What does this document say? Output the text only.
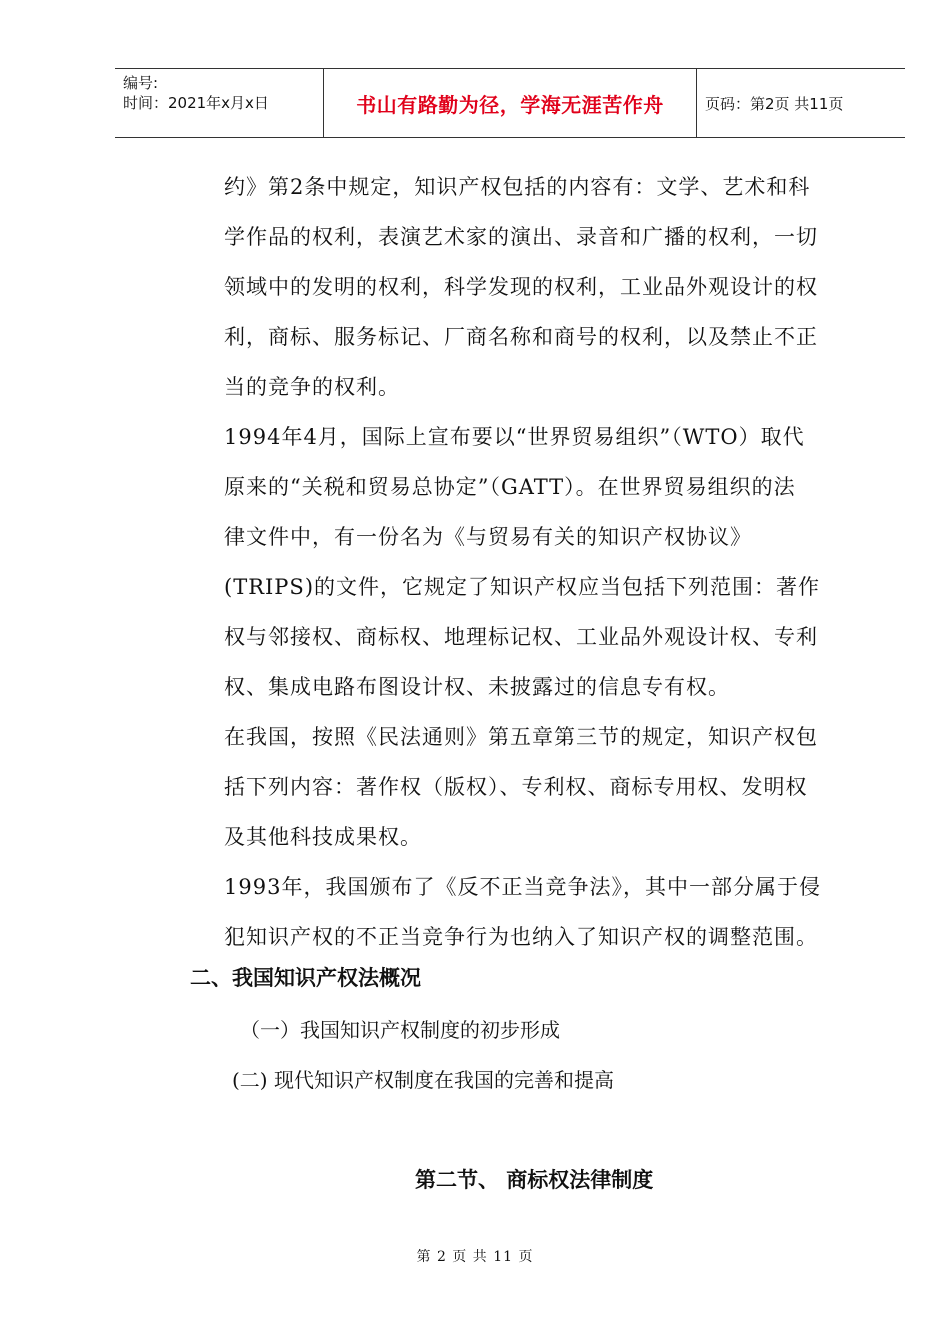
编号:
时间：2021年x月x日	书山有路勤为径，学海无涯苦作舟	页码：第2页 共11页

约》第2条中规定，知识产权包括的内容有：文学、艺术和科

学作品的权利，表演艺术家的演出、录音和广播的权利，一切

领域中的发明的权利，科学发现的权利，工业品外观设计的权

利，商标、服务标记、厂商名称和商号的权利，以及禁止不正

当的竞争的权利。

1994年4月，国际上宣布要以“世界贸易组织”（WTO）取代

原来的“关税和贸易总协定”（GATT）。在世界贸易组织的法

律文件中，有一份名为《与贸易有关的知识产权协议》

(TRIPS)的文件，它规定了知识产权应当包括下列范围：著作

权与邻接权、商标权、地理标记权、工业品外观设计权、专利

权、集成电路布图设计权、未披露过的信息专有权。

在我国，按照《民法通则》第五章第三节的规定，知识产权包

括下列内容：著作权（版权）、专利权、商标专用权、发明权

及其他科技成果权。

1993年，我国颁布了《反不正当竞争法》，其中一部分属于侵

犯知识产权的不正当竞争行为也纳入了知识产权的调整范围。

二、我国知识产权法概况
（一）我国知识产权制度的初步形成
(二) 现代知识产权制度在我国的完善和提高
第二节、 商标权法律制度
第 2 页 共 11 页
